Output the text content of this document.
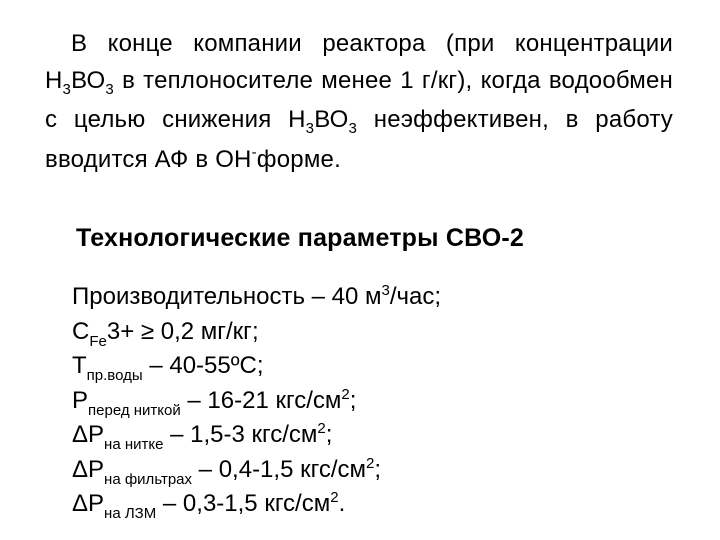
В конце компании реактора (при концентрации $Н_3ВО_3$ в теплоносителе менее 1 г/кг), когда водообмен с целью снижения $Н_3ВО_3$ неэффективен, в работу вводится АФ в ОН-форме.
Технологические параметры СВО-2
Производительность – 40 $м^3$/час;
$С_{Fe}3+ \ge 0,2$ мг/кг;
$Т_{пр.воды}$ – 40-55ºС;
$Р_{перед ниткой} - 16-21$ кгс/$см^2$;
$\Delta Р_{на нитке} - 1,5-3$ кгс/$см^2$;
$\Delta Р_{на фильтрах} - 0,4-1,5$ кгс/$см^2$;
$\Delta Р_{на ЛЗМ} - 0,3-1,5$ кгс/$см^2$.
